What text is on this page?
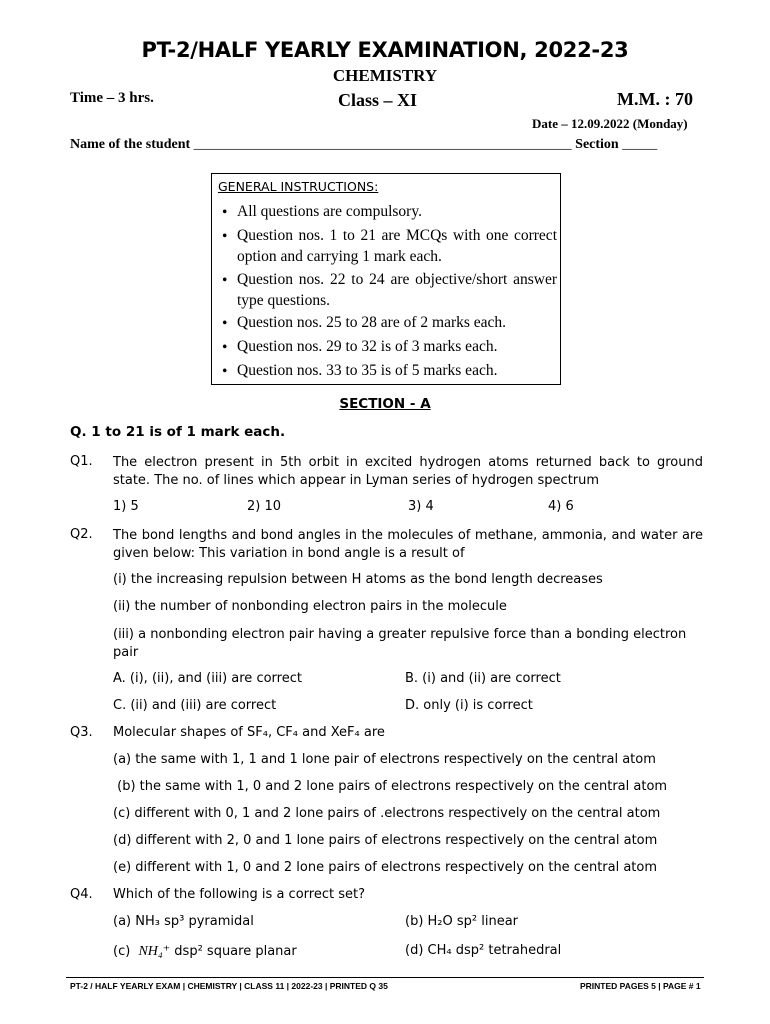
PT-2/HALF YEARLY EXAMINATION, 2022-23
CHEMISTRY
Time – 3 hrs.	Class – XI	M.M. : 70
Date – 12.09.2022 (Monday)
Name of the student ______________________________________________________ Section _____
GENERAL INSTRUCTIONS:
• All questions are compulsory.
• Question nos. 1 to 21 are MCQs with one correct option and carrying 1 mark each.
• Question nos. 22 to 24 are objective/short answer type questions.
• Question nos. 25 to 28 are of 2 marks each.
• Question nos. 29 to 32 is of 3 marks each.
• Question nos. 33 to 35 is of 5 marks each.
SECTION - A
Q. 1 to 21 is of 1 mark each.
Q1. The electron present in 5th orbit in excited hydrogen atoms returned back to ground state. The no. of lines which appear in Lyman series of hydrogen spectrum
1) 5	2) 10	3) 4	4) 6
Q2. The bond lengths and bond angles in the molecules of methane, ammonia, and water are given below: This variation in bond angle is a result of
(i) the increasing repulsion between H atoms as the bond length decreases
(ii) the number of nonbonding electron pairs in the molecule
(iii) a nonbonding electron pair having a greater repulsive force than a bonding electron pair
A. (i), (ii), and (iii) are correct	B. (i) and (ii) are correct
C. (ii) and (iii) are correct	D. only (i) is correct
Q3. Molecular shapes of SF₄, CF₄ and XeF₄ are
(a) the same with 1, 1 and 1 lone pair of electrons respectively on the central atom
(b) the same with 1, 0 and 2 lone pairs of electrons respectively on the central atom
(c) different with 0, 1 and 2 lone pairs of .electrons respectively on the central atom
(d) different with 2, 0 and 1 lone pairs of electrons respectively on the central atom
(e) different with 1, 0 and 2 lone pairs of electrons respectively on the central atom
Q4. Which of the following is a correct set?
(a) NH₃ sp³ pyramidal	(b) H₂O sp² linear
(c) NH₄⁺ dsp² square planar	(d) CH₄ dsp² tetrahedral
PT-2 / HALF YEARLY EXAM | CHEMISTRY | CLASS 11 | 2022-23 | PRINTED Q 35	PRINTED PAGES 5 | PAGE # 1
